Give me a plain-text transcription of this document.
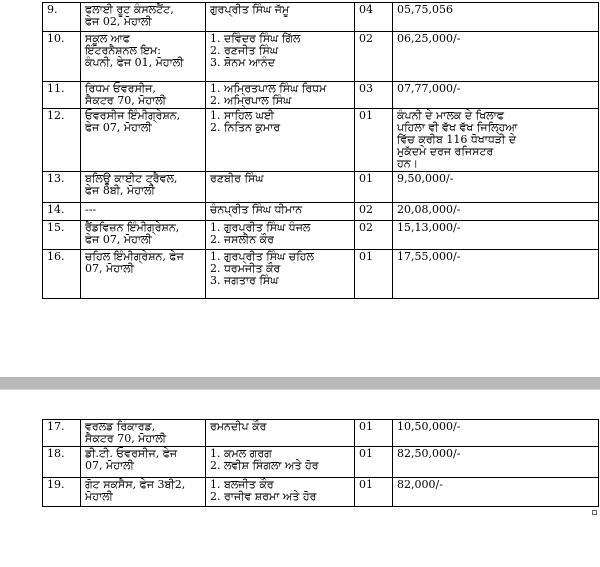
9.	ਫਲਾਈ ਰੂਟ ਕੰਸਲਟੈਂਟ,
ਫੇਜ 02, ਮੋਹਾਲੀ	ਗੁਰਪ੍ਰੀਤ ਸਿੰਘ ਜੱਮੂ	04	05,75,056

10.	ਸਕੂਲ ਆਫ
ਇੰਟਰਨੈਸ਼ਨਲ ਇਮ:
ਕੰਪਨੀ, ਫੇਜ 01, ਮੋਹਾਲੀ	1. ਦਵਿੰਦਰ ਸਿੰਘ ਗਿੱਲ
2. ਰਣਜੀਤ ਸਿੰਘ
3. ਸ਼ੋਨਮ ਆਨੰਦ	02	06,25,000/-

11.	ਰਿਧਮ ਓਵਰਸੀਜ,
ਸੈਕਟਰ 70, ਮੋਹਾਲੀ	1. ਅਮ੍ਰਿਤਪਾਲ ਸਿੰਘ ਰਿਧਮ
2. ਅਮ੍ਰਿਪਾਲ ਸਿੰਘ	03	07,77,000/-

12.	ਓਵਰਸੀਜ ਇੰਮੀਗ੍ਰੇਸ਼ਨ,
ਫੇਜ 07, ਮੋਹਾਲੀ	1. ਸਾਹਿਲ ਘਈ
2. ਨਿਤਿਨ ਕੁਮਾਰ	01	ਕੰਪਨੀ ਦੇ ਮਾਲਕ ਦੇ ਖਿਲਾਫ
ਪਹਿਲਾ ਵੀ ਵੱਖ ਵੱਖ ਜਿਲ੍ਹਿਆ
ਵਿੱਚ ਕਰੀਬ 116 ਧੋਖਾਧੜੀ ਦੇ
ਮੁਕੱਦਮੇ ਦਰਜ ਰਜਿਸਟਰ
ਹਨ।

13.	ਬਲਿਊ ਕਾਈਟ ਟ੍ਰੈਵਲ,
ਫੇਜ 8ਬੀ, ਮੋਹਾਲੀ	ਰਣਬੀਰ ਸਿੰਘ	01	9,50,000/-

14.	---	ਚੰਨਪ੍ਰੀਤ ਸਿੰਘ ਧੀਮਾਨ	02	20,08,000/-

15.	ਰੈਂਡਵਿਜ਼ਨ ਇੰਮੀਗ੍ਰੇਸ਼ਨ,
ਫੇਜ 07, ਮੋਹਾਲੀ	1. ਗੁਰਪ੍ਰੀਤ ਸਿੰਘ ਧੰਜਲ
2. ਜਸਲੀਨ ਕੌਰ	02	15,13,000/-

16.	ਚਹਿਲ ਇੰਮੀਗ੍ਰੇਸ਼ਨ, ਫੇਜ
07, ਮੋਹਾਲੀ	1. ਗੁਰਪ੍ਰੀਤ ਸਿੰਘ ਚਹਿਲ
2. ਧਰਮਜੀਤ ਕੌਰ
3. ਜਗਤਾਰ ਸਿੰਘ	01	17,55,000/-
17.	ਵਰਲਡ ਰਿਕਾਰਡ,
ਸੈਕਟਰ 70, ਮੋਹਾਲੀ	ਰਮਨਦੀਪ ਕੌਰ	01	10,50,000/-

18.	ਡੀ.ਟੀ. ਓਵਰਸੀਜ, ਫੇਜ
07, ਮੋਹਾਲੀ	1. ਕਮਲ ਗਰਗ
2. ਲਵੀਸ਼ ਸਿੰਗਲਾ ਅਤੇ ਹੋਰ	01	82,50,000/-

19.	ਗੋਟ ਸਕਸੈਸ, ਫੇਜ 3ਬੀ2,
ਮੋਹਾਲੀ	1. ਬਲਜੀਤ ਕੌਰ
2. ਰਾਜੀਵ ਸ਼ਰਮਾ ਅਤੇ ਹੋਰ	01	82,000/-
